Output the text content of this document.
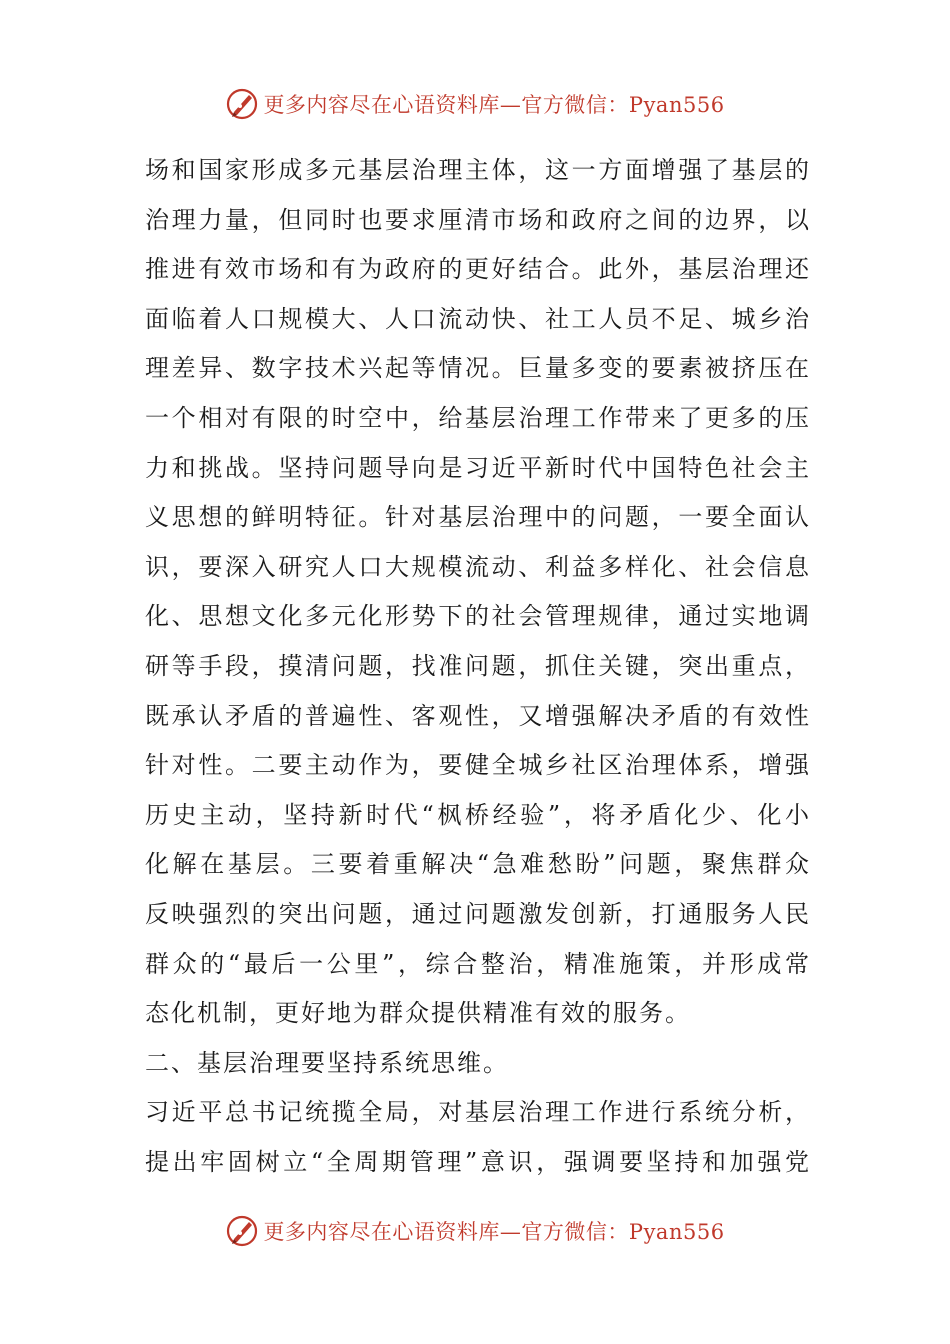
更多内容尽在心语资料库—官方微信：Pyan556
场和国家形成多元基层治理主体，这一方面增强了基层的
治理力量，但同时也要求厘清市场和政府之间的边界，以
推进有效市场和有为政府的更好结合。此外，基层治理还
面临着人口规模大、人口流动快、社工人员不足、城乡治
理差异、数字技术兴起等情况。巨量多变的要素被挤压在
一个相对有限的时空中，给基层治理工作带来了更多的压
力和挑战。坚持问题导向是习近平新时代中国特色社会主
义思想的鲜明特征。针对基层治理中的问题，一要全面认
识，要深入研究人口大规模流动、利益多样化、社会信息
化、思想文化多元化形势下的社会管理规律，通过实地调
研等手段，摸清问题，找准问题，抓住关键，突出重点，
既承认矛盾的普遍性、客观性，又增强解决矛盾的有效性
针对性。二要主动作为，要健全城乡社区治理体系，增强
历史主动，坚持新时代“枫桥经验”，将矛盾化少、化小
化解在基层。三要着重解决“急难愁盼”问题，聚焦群众
反映强烈的突出问题，通过问题激发创新，打通服务人民
群众的“最后一公里”，综合整治，精准施策，并形成常
态化机制，更好地为群众提供精准有效的服务。
二、基层治理要坚持系统思维。
习近平总书记统揽全局，对基层治理工作进行系统分析，
提出牢固树立“全周期管理”意识，强调要坚持和加强党
更多内容尽在心语资料库—官方微信：Pyan556
